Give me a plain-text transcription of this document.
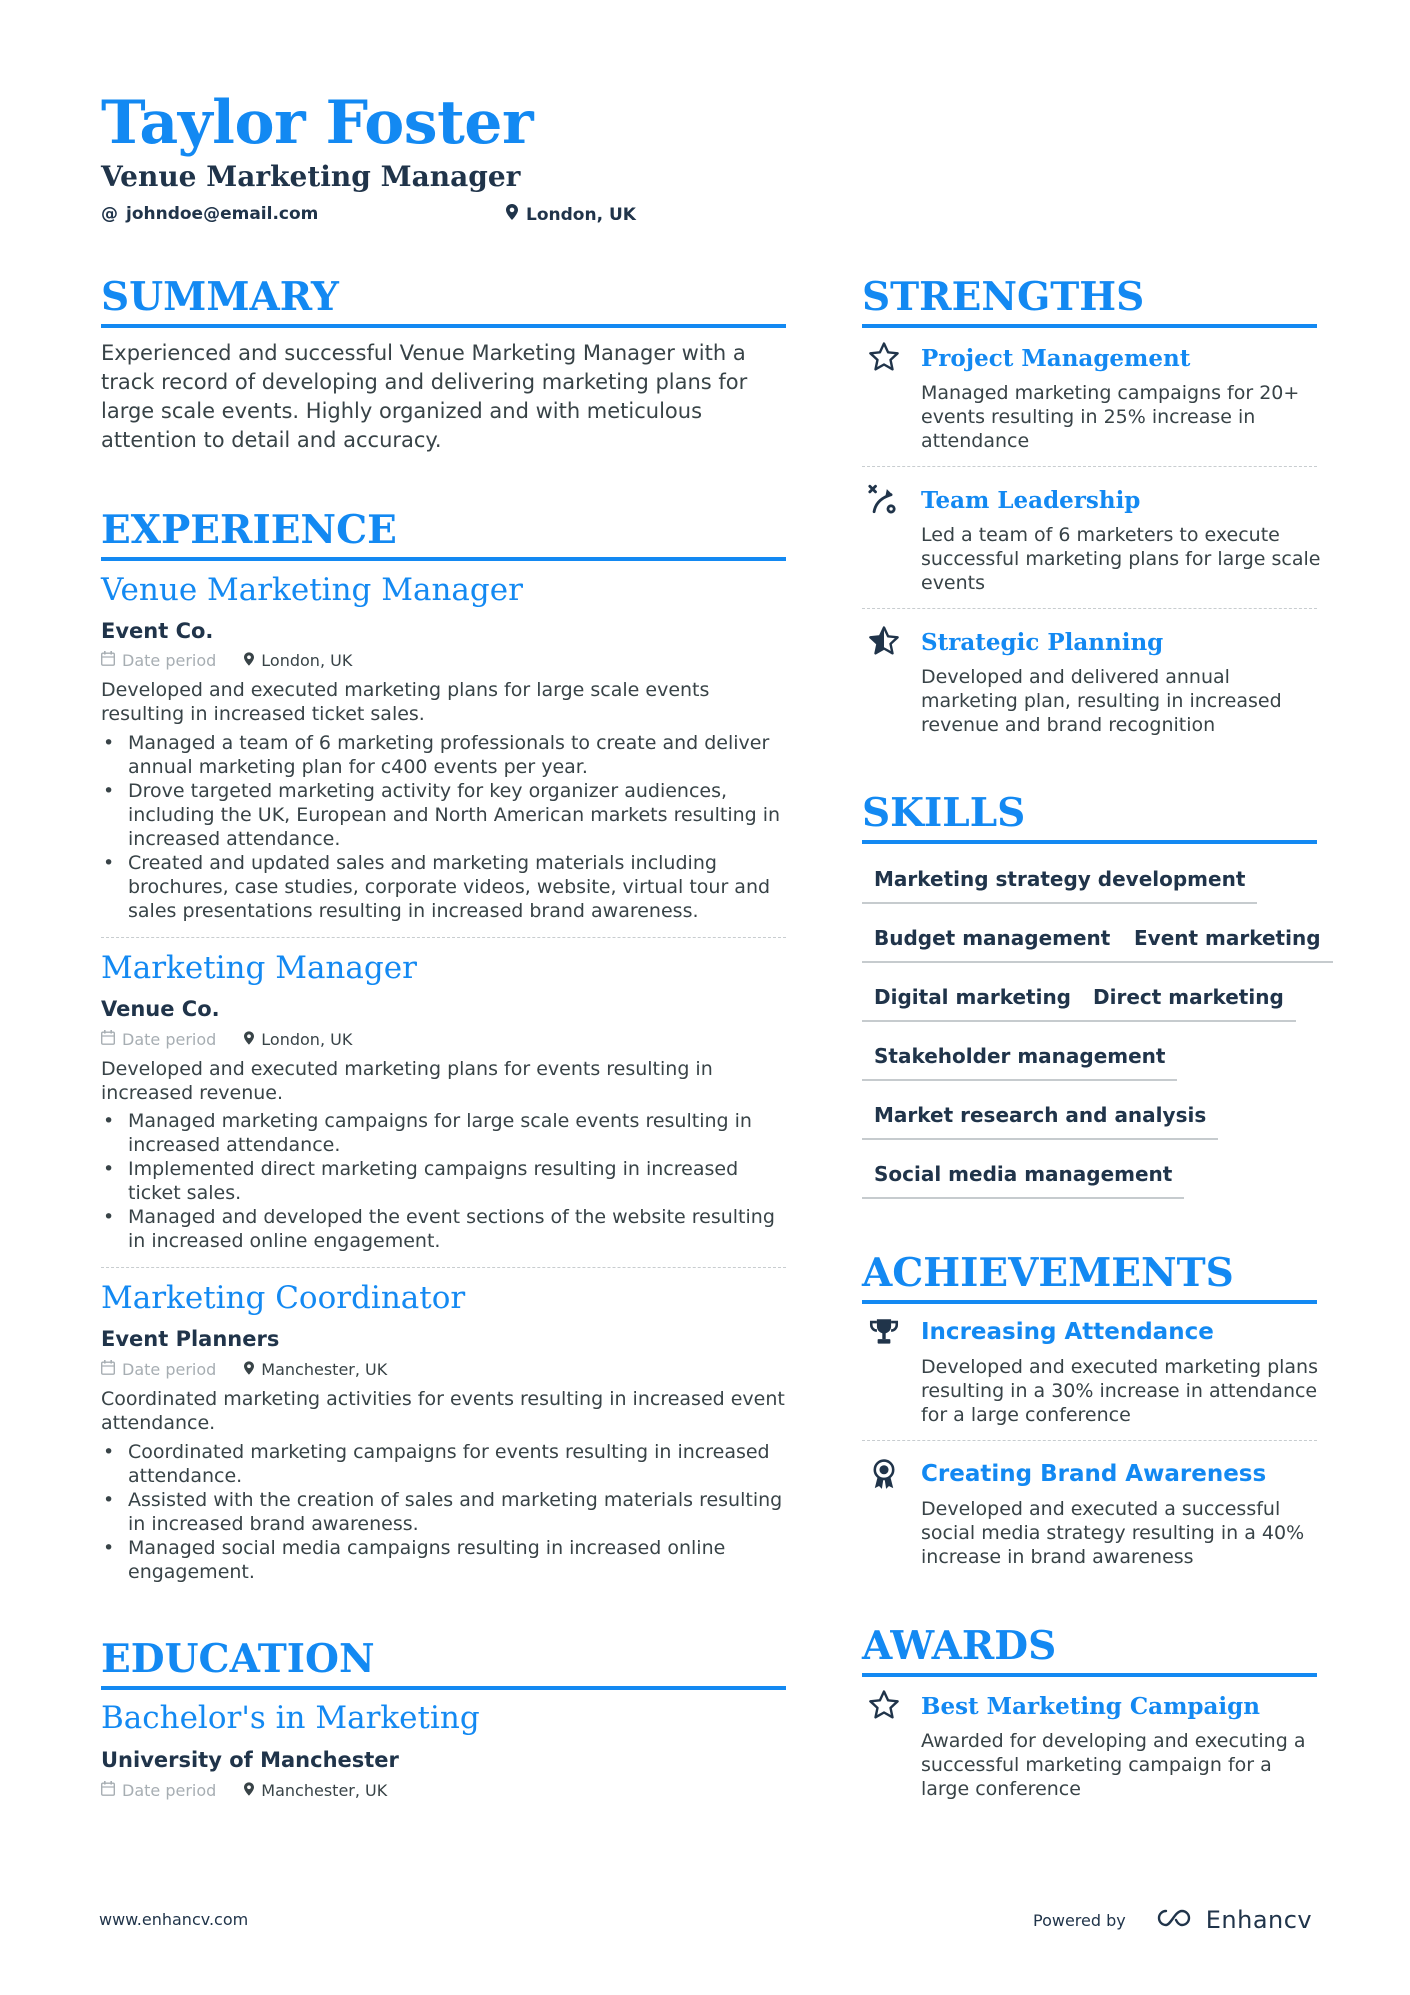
Taylor Foster
Venue Marketing Manager
@ johndoe@email.com	London, UK
SUMMARY
Experienced and successful Venue Marketing Manager with a track record of developing and delivering marketing plans for large scale events. Highly organized and with meticulous attention to detail and accuracy.
EXPERIENCE
Venue Marketing Manager
Event Co.
Date period	London, UK
Developed and executed marketing plans for large scale events resulting in increased ticket sales.
• Managed a team of 6 marketing professionals to create and deliver annual marketing plan for c400 events per year.
• Drove targeted marketing activity for key organizer audiences, including the UK, European and North American markets resulting in increased attendance.
• Created and updated sales and marketing materials including brochures, case studies, corporate videos, website, virtual tour and sales presentations resulting in increased brand awareness.
Marketing Manager
Venue Co.
Date period	London, UK
Developed and executed marketing plans for events resulting in increased revenue.
• Managed marketing campaigns for large scale events resulting in increased attendance.
• Implemented direct marketing campaigns resulting in increased ticket sales.
• Managed and developed the event sections of the website resulting in increased online engagement.
Marketing Coordinator
Event Planners
Date period	Manchester, UK
Coordinated marketing activities for events resulting in increased event attendance.
• Coordinated marketing campaigns for events resulting in increased attendance.
• Assisted with the creation of sales and marketing materials resulting in increased brand awareness.
• Managed social media campaigns resulting in increased online engagement.
EDUCATION
Bachelor's in Marketing
University of Manchester
Date period	Manchester, UK
STRENGTHS
Project Management
Managed marketing campaigns for 20+ events resulting in 25% increase in attendance
Team Leadership
Led a team of 6 marketers to execute successful marketing plans for large scale events
Strategic Planning
Developed and delivered annual marketing plan, resulting in increased revenue and brand recognition
SKILLS
Marketing strategy development
Budget management	Event marketing
Digital marketing	Direct marketing
Stakeholder management
Market research and analysis
Social media management
ACHIEVEMENTS
Increasing Attendance
Developed and executed marketing plans resulting in a 30% increase in attendance for a large conference
Creating Brand Awareness
Developed and executed a successful social media strategy resulting in a 40% increase in brand awareness
AWARDS
Best Marketing Campaign
Awarded for developing and executing a successful marketing campaign for a large conference
www.enhancv.com	Powered by	Enhancv
